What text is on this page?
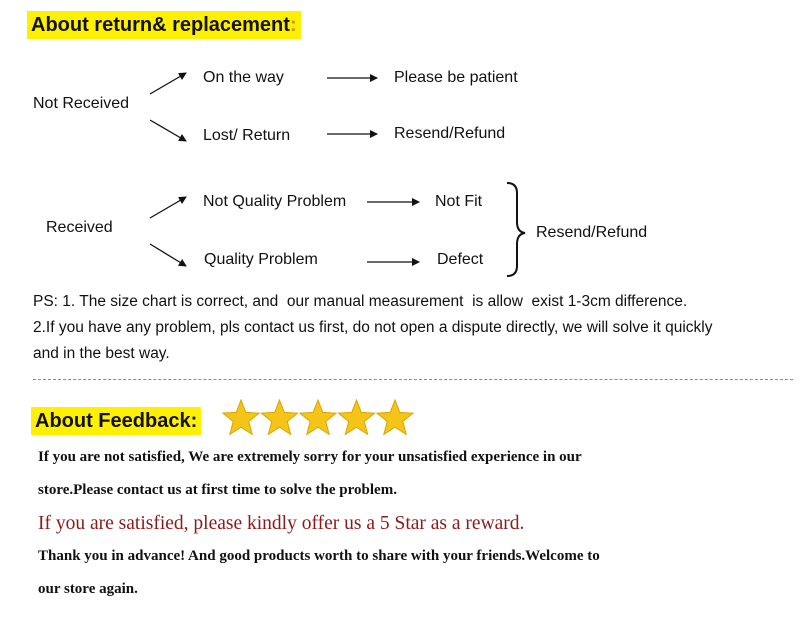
About return& replacement:
Not Received
On the way	Please be patient
Lost/ Return	Resend/Refund
Received
Not Quality Problem	Not Fit
Quality Problem	Defect
Resend/Refund
PS: 1. The size chart is correct, and  our manual measurement  is allow  exist 1-3cm difference.
2.If you have any problem, pls contact us first, do not open a dispute directly, we will solve it quickly
and in the best way.
About Feedback:
If you are not satisfied, We are extremely sorry for your unsatisfied experience in our
store.Please contact us at first time to solve the problem.
If you are satisfied, please kindly offer us a 5 Star as a reward.
Thank you in advance! And good products worth to share with your friends.Welcome to
our store again.
